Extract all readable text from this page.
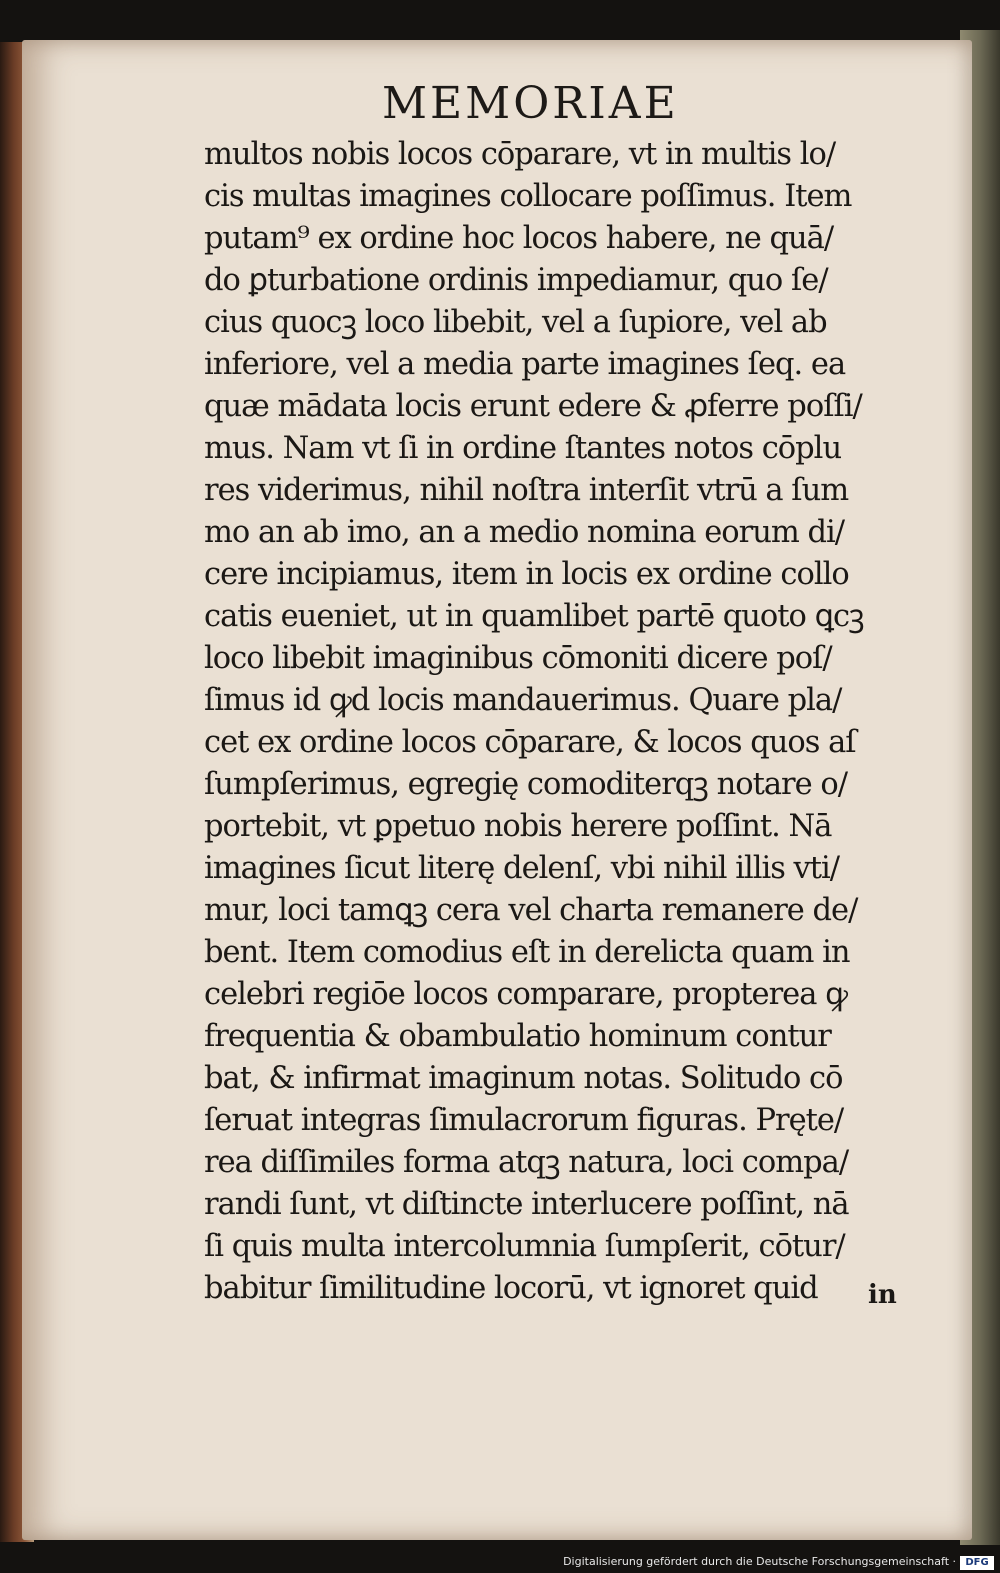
MEMORIAE
multos nobis locos cōparare, vt in multis lo/
cis multas imagines collocare poſſimus. Item
putam⁹ ex ordine hoc locos habere, ne quā/
do ꝑturbatione ordinis impediamur, quo ſe/
cius quocꝫ loco libebit, vel a ſupiore, vel ab
inferiore, vel a media parte imagines ſeq. ea
quæ mādata locis erunt edere & ꝓferre poſſi/
mus. Nam vt ſi in ordine ſtantes notos cōplu
res viderimus, nihil noſtra interſit vtrū a ſum
mo an ab imo, an a medio nomina eorum di/
cere incipiamus, item in locis ex ordine collo
catis eueniet, ut in quamlibet partē quoto ꝗcꝫ
loco libebit imaginibus cōmoniti dicere poſ/
ſimus id ꝙd locis mandauerimus. Quare pla/
cet ex ordine locos cōparare, & locos quos aſ
ſumpſerimus, egregię comoditerqꝫ notare o/
portebit, vt ꝑpetuo nobis herere poſſint. Nā
imagines ſicut literę delenſ, vbi nihil illis vti/
mur, loci tamꝗꝫ cera vel charta remanere de/
bent. Item comodius eſt in derelicta quam in
celebri regiōe locos comparare, propterea ꝙ
frequentia & obambulatio hominum contur
bat, & infirmat imaginum notas. Solitudo cō
ſeruat integras ſimulacrorum figuras. Pręte/
rea diſſimiles forma atqꝫ natura, loci compa/
randi ſunt, vt diſtincte interlucere poſſint, nā
ſi quis multa intercolumnia ſumpſerit, cōtur/
babitur ſimilitudine locorū, vt ignoret quid	in
Digitalisierung gefördert durch die Deutsche Forschungsgemeinschaft · DFG
